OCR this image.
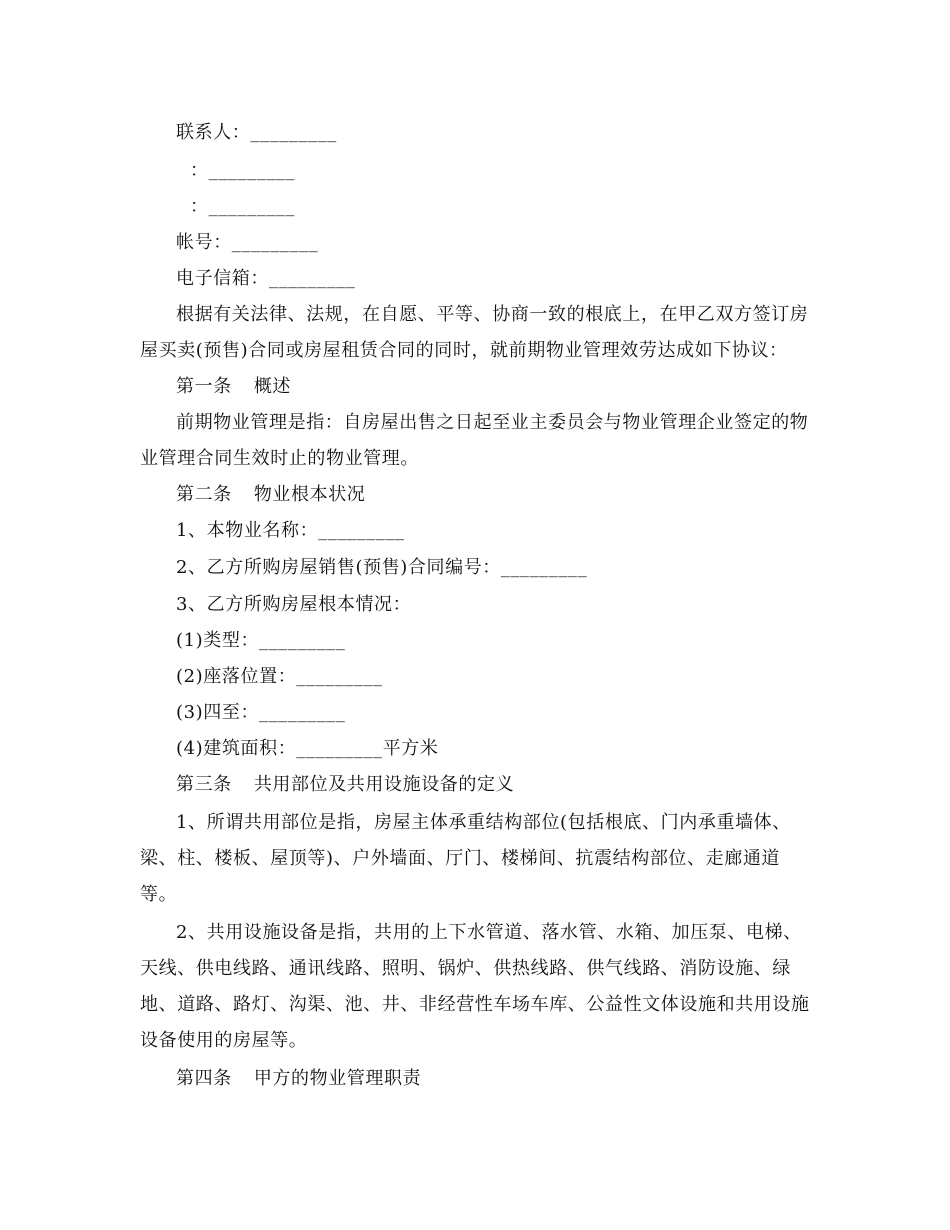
联系人：_________
：_________
：_________
帐号：_________
电子信箱：_________
根据有关法律、法规，在自愿、平等、协商一致的根底上，在甲乙双方签订房
屋买卖(预售)合同或房屋租赁合同的同时，就前期物业管理效劳达成如下协议：
第一条 概述
前期物业管理是指：自房屋出售之日起至业主委员会与物业管理企业签定的物
业管理合同生效时止的物业管理。
第二条 物业根本状况
1、本物业名称：_________
2、乙方所购房屋销售(预售)合同编号：_________
3、乙方所购房屋根本情况：
(1)类型：_________
(2)座落位置：_________
(3)四至：_________
(4)建筑面积：_________平方米
第三条 共用部位及共用设施设备的定义
1、所谓共用部位是指，房屋主体承重结构部位(包括根底、门内承重墙体、
梁、柱、楼板、屋顶等)、户外墙面、厅门、楼梯间、抗震结构部位、走廊通道
等。
2、共用设施设备是指，共用的上下水管道、落水管、水箱、加压泵、电梯、
天线、供电线路、通讯线路、照明、锅炉、供热线路、供气线路、消防设施、绿
地、道路、路灯、沟渠、池、井、非经营性车场车库、公益性文体设施和共用设施
设备使用的房屋等。
第四条 甲方的物业管理职责
